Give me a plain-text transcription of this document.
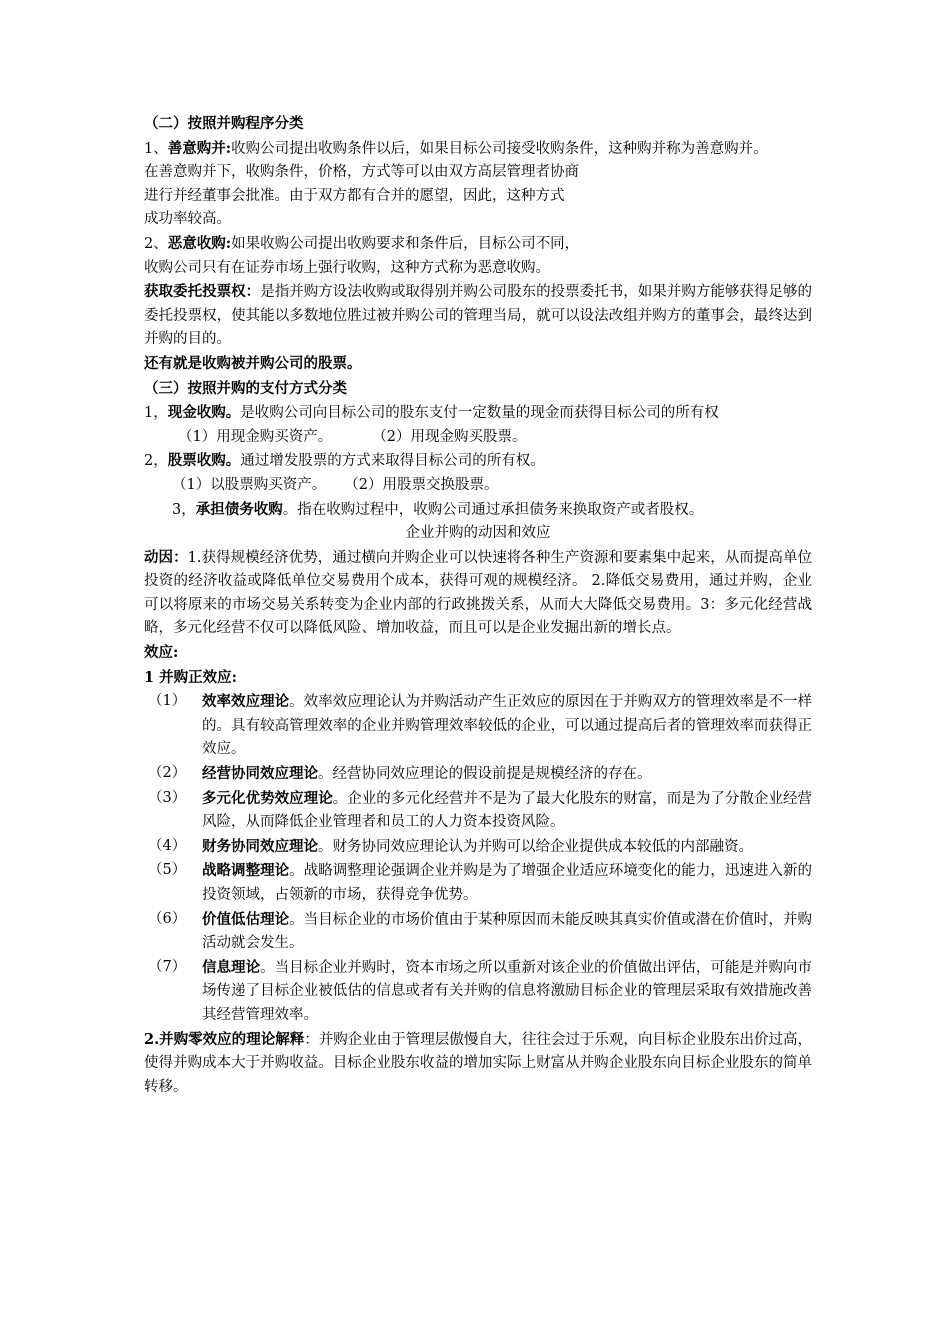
（二）按照并购程序分类
1、善意购并:收购公司提出收购条件以后，如果目标公司接受收购条件，这种购并称为善意购并。
在善意购并下，收购条件，价格，方式等可以由双方高层管理者协商
进行并经董事会批准。由于双方都有合并的愿望，因此，这种方式
成功率较高。
2、恶意收购:如果收购公司提出收购要求和条件后，目标公司不同，
收购公司只有在证券市场上强行收购，这种方式称为恶意收购。
获取委托投票权：是指并购方设法收购或取得别并购公司股东的投票委托书，如果并购方能够获得足够的委托投票权，使其能以多数地位胜过被并购公司的管理当局，就可以设法改组并购方的董事会，最终达到并购的目的。
还有就是收购被并购公司的股票。
（三）按照并购的支付方式分类
1，现金收购。是收购公司向目标公司的股东支付一定数量的现金而获得目标公司的所有权
（1）用现金购买资产。	（2）用现金购买股票。
2，股票收购。通过增发股票的方式来取得目标公司的所有权。
（1）以股票购买资产。 （2）用股票交换股票。
3，承担债务收购。指在收购过程中，收购公司通过承担债务来换取资产或者股权。
企业并购的动因和效应
动因：1.获得规模经济优势，通过横向并购企业可以快速将各种生产资源和要素集中起来，从而提高单位投资的经济收益或降低单位交易费用个成本，获得可观的规模经济。 2.降低交易费用，通过并购，企业可以将原来的市场交易关系转变为企业内部的行政挑拨关系，从而大大降低交易费用。3：多元化经营战略，多元化经营不仅可以降低风险、增加收益，而且可以是企业发掘出新的增长点。
效应:
1 并购正效应:
（1）	效率效应理论。效率效应理论认为并购活动产生正效应的原因在于并购双方的管理效率是不一样的。具有较高管理效率的企业并购管理效率较低的企业，可以通过提高后者的管理效率而获得正效应。
（2）	经营协同效应理论。经营协同效应理论的假设前提是规模经济的存在。
（3）	多元化优势效应理论。企业的多元化经营并不是为了最大化股东的财富，而是为了分散企业经营风险，从而降低企业管理者和员工的人力资本投资风险。
（4）	财务协同效应理论。财务协同效应理论认为并购可以给企业提供成本较低的内部融资。
（5）	战略调整理论。战略调整理论强调企业并购是为了增强企业适应环境变化的能力，迅速进入新的投资领域，占领新的市场，获得竞争优势。
（6）	价值低估理论。当目标企业的市场价值由于某种原因而未能反映其真实价值或潜在价值时，并购活动就会发生。
（7）	信息理论。当目标企业并购时，资本市场之所以重新对该企业的价值做出评估，可能是并购向市场传递了目标企业被低估的信息或者有关并购的信息将激励目标企业的管理层采取有效措施改善其经营管理效率。
2.并购零效应的理论解释：并购企业由于管理层傲慢自大，往往会过于乐观，向目标企业股东出价过高，使得并购成本大于并购收益。目标企业股东收益的增加实际上财富从并购企业股东向目标企业股东的简单转移。
